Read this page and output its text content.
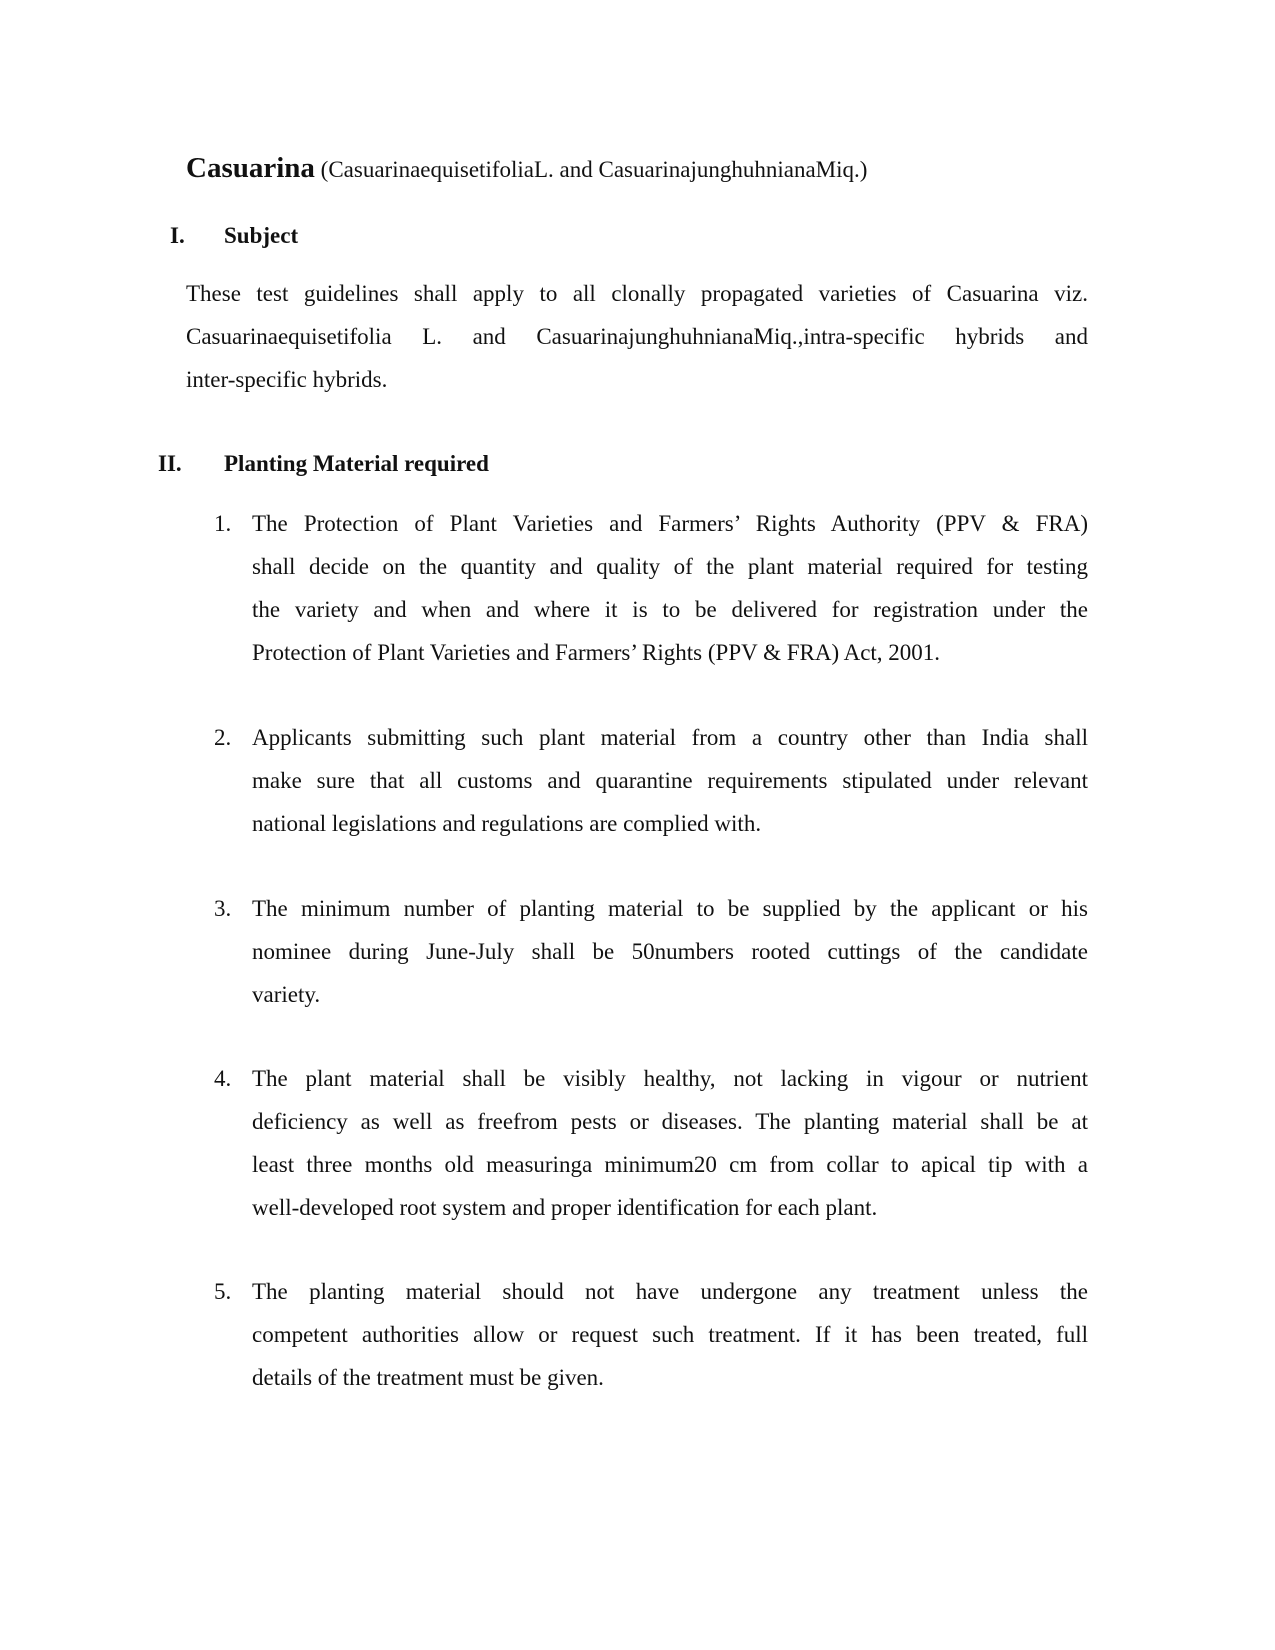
Casuarina (CasuarinaequisetifoliaL. and CasuarinajunghuhnianaMiq.)
I. Subject

These test guidelines shall apply to all clonally propagated varieties of Casuarina viz.
Casuarinaequisetifolia L. and CasuarinajunghuhnianaMiq.,intra-specific hybrids and
inter-specific hybrids.

II. Planting Material required
1. The Protection of Plant Varieties and Farmers’ Rights Authority (PPV & FRA)
shall decide on the quantity and quality of the plant material required for testing
the variety and when and where it is to be delivered for registration under the
Protection of Plant Varieties and Farmers’ Rights (PPV & FRA) Act, 2001.
2. Applicants submitting such plant material from a country other than India shall
make sure that all customs and quarantine requirements stipulated under relevant
national legislations and regulations are complied with.
3. The minimum number of planting material to be supplied by the applicant or his
nominee during June-July shall be 50numbers rooted cuttings of the candidate
variety.
4. The plant material shall be visibly healthy, not lacking in vigour or nutrient
deficiency as well as freefrom pests or diseases. The planting material shall be at
least three months old measuringa minimum20 cm from collar to apical tip with a
well-developed root system and proper identification for each plant.
5. The planting material should not have undergone any treatment unless the
competent authorities allow or request such treatment. If it has been treated, full
details of the treatment must be given.
